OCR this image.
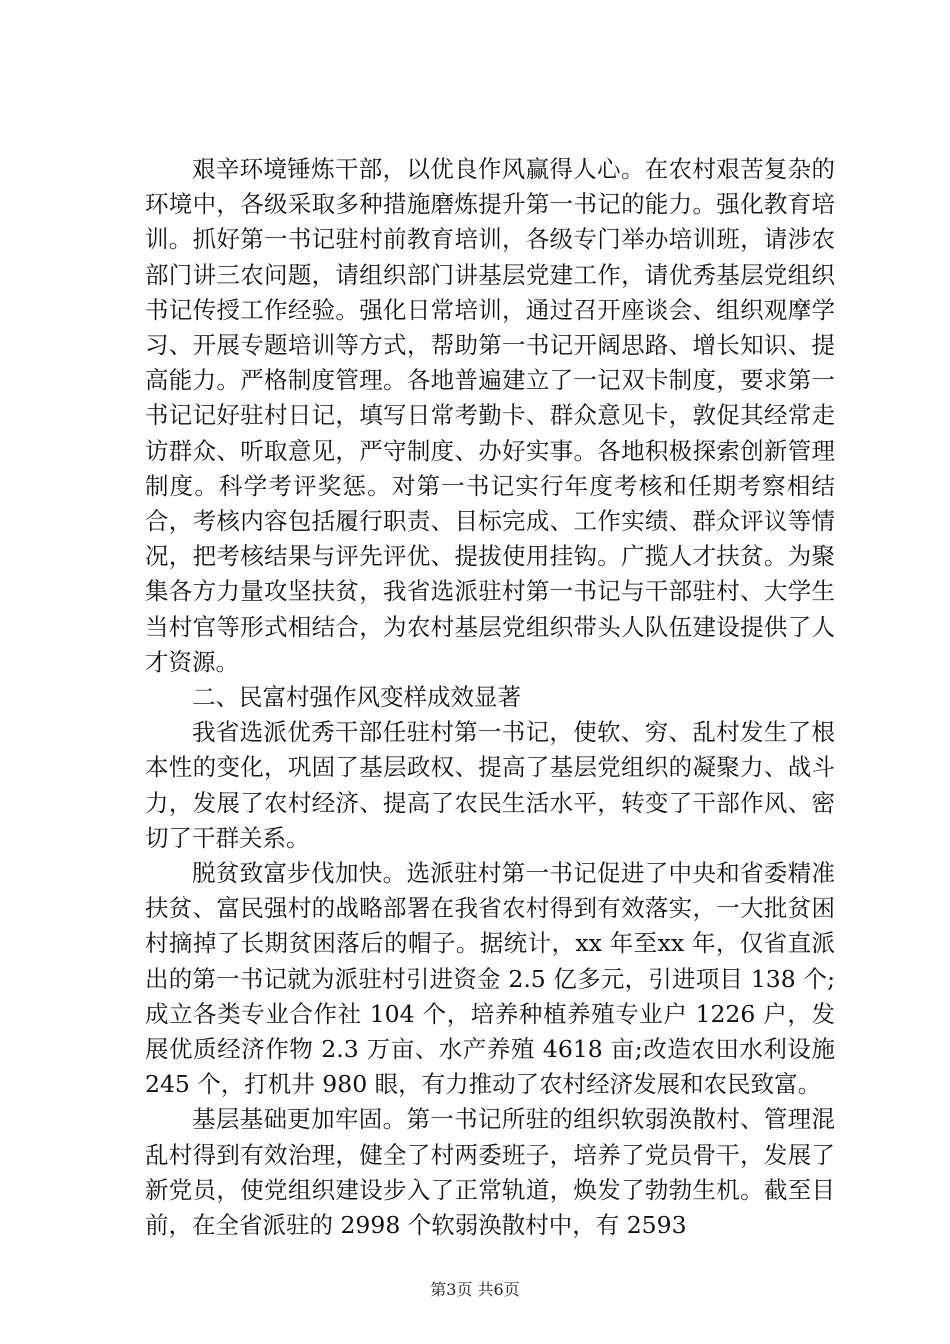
艰辛环境锤炼干部，以优良作风赢得人心。在农村艰苦复杂的环境中，各级采取多种措施磨炼提升第一书记的能力。强化教育培训。抓好第一书记驻村前教育培训，各级专门举办培训班，请涉农部门讲三农问题，请组织部门讲基层党建工作，请优秀基层党组织书记传授工作经验。强化日常培训，通过召开座谈会、组织观摩学习、开展专题培训等方式，帮助第一书记开阔思路、增长知识、提高能力。严格制度管理。各地普遍建立了一记双卡制度，要求第一书记记好驻村日记，填写日常考勤卡、群众意见卡，敦促其经常走访群众、听取意见，严守制度、办好实事。各地积极探索创新管理制度。科学考评奖惩。对第一书记实行年度考核和任期考察相结合，考核内容包括履行职责、目标完成、工作实绩、群众评议等情况，把考核结果与评先评优、提拔使用挂钩。广揽人才扶贫。为聚集各方力量攻坚扶贫，我省选派驻村第一书记与干部驻村、大学生当村官等形式相结合，为农村基层党组织带头人队伍建设提供了人才资源。

二、民富村强作风变样成效显著

我省选派优秀干部任驻村第一书记，使软、穷、乱村发生了根本性的变化，巩固了基层政权、提高了基层党组织的凝聚力、战斗力，发展了农村经济、提高了农民生活水平，转变了干部作风、密切了干群关系。

脱贫致富步伐加快。选派驻村第一书记促进了中央和省委精准扶贫、富民强村的战略部署在我省农村得到有效落实，一大批贫困村摘掉了长期贫困落后的帽子。据统计，xx 年至xx 年，仅省直派出的第一书记就为派驻村引进资金 2.5 亿多元，引进项目 138 个;成立各类专业合作社 104 个，培养种植养殖专业户 1226 户，发展优质经济作物 2.3 万亩、水产养殖 4618 亩;改造农田水利设施 245 个，打机井 980 眼，有力推动了农村经济发展和农民致富。

基层基础更加牢固。第一书记所驻的组织软弱涣散村、管理混乱村得到有效治理，健全了村两委班子，培养了党员骨干，发展了新党员，使党组织建设步入了正常轨道，焕发了勃勃生机。截至目前，在全省派驻的 2998 个软弱涣散村中，有 2593

第3页 共6页
